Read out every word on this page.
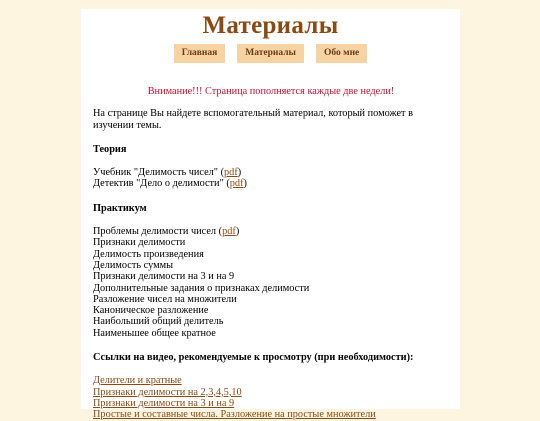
Материалы
Главная	Материалы	Обо мне
Внимание!!! Страница пополняется каждые две недели!
На странице Вы найдете вспомогательный материал, который поможет в изучении темы.
Теория
Учебник "Делимость чисел" (pdf)
Детектив "Дело о делимости" (pdf)
Практикум
Проблемы делимости чисел (pdf)
Признаки делимости
Делимость произведения
Делимость суммы
Признаки делимости на 3 и на 9
Дополнительные задания о признаках делимости
Разложение чисел на множители
Каноническое разложение
Наибольший общий делитель
Наименьшее общее кратное
Ссылки на видео, рекомендуемые к просмотру (при необходимости):
Делители и кратные
Признаки делимости на 2,3,4,5,10
Признаки делимости на 3 и на 9
Простые и составные числа. Разложение на простые множители
